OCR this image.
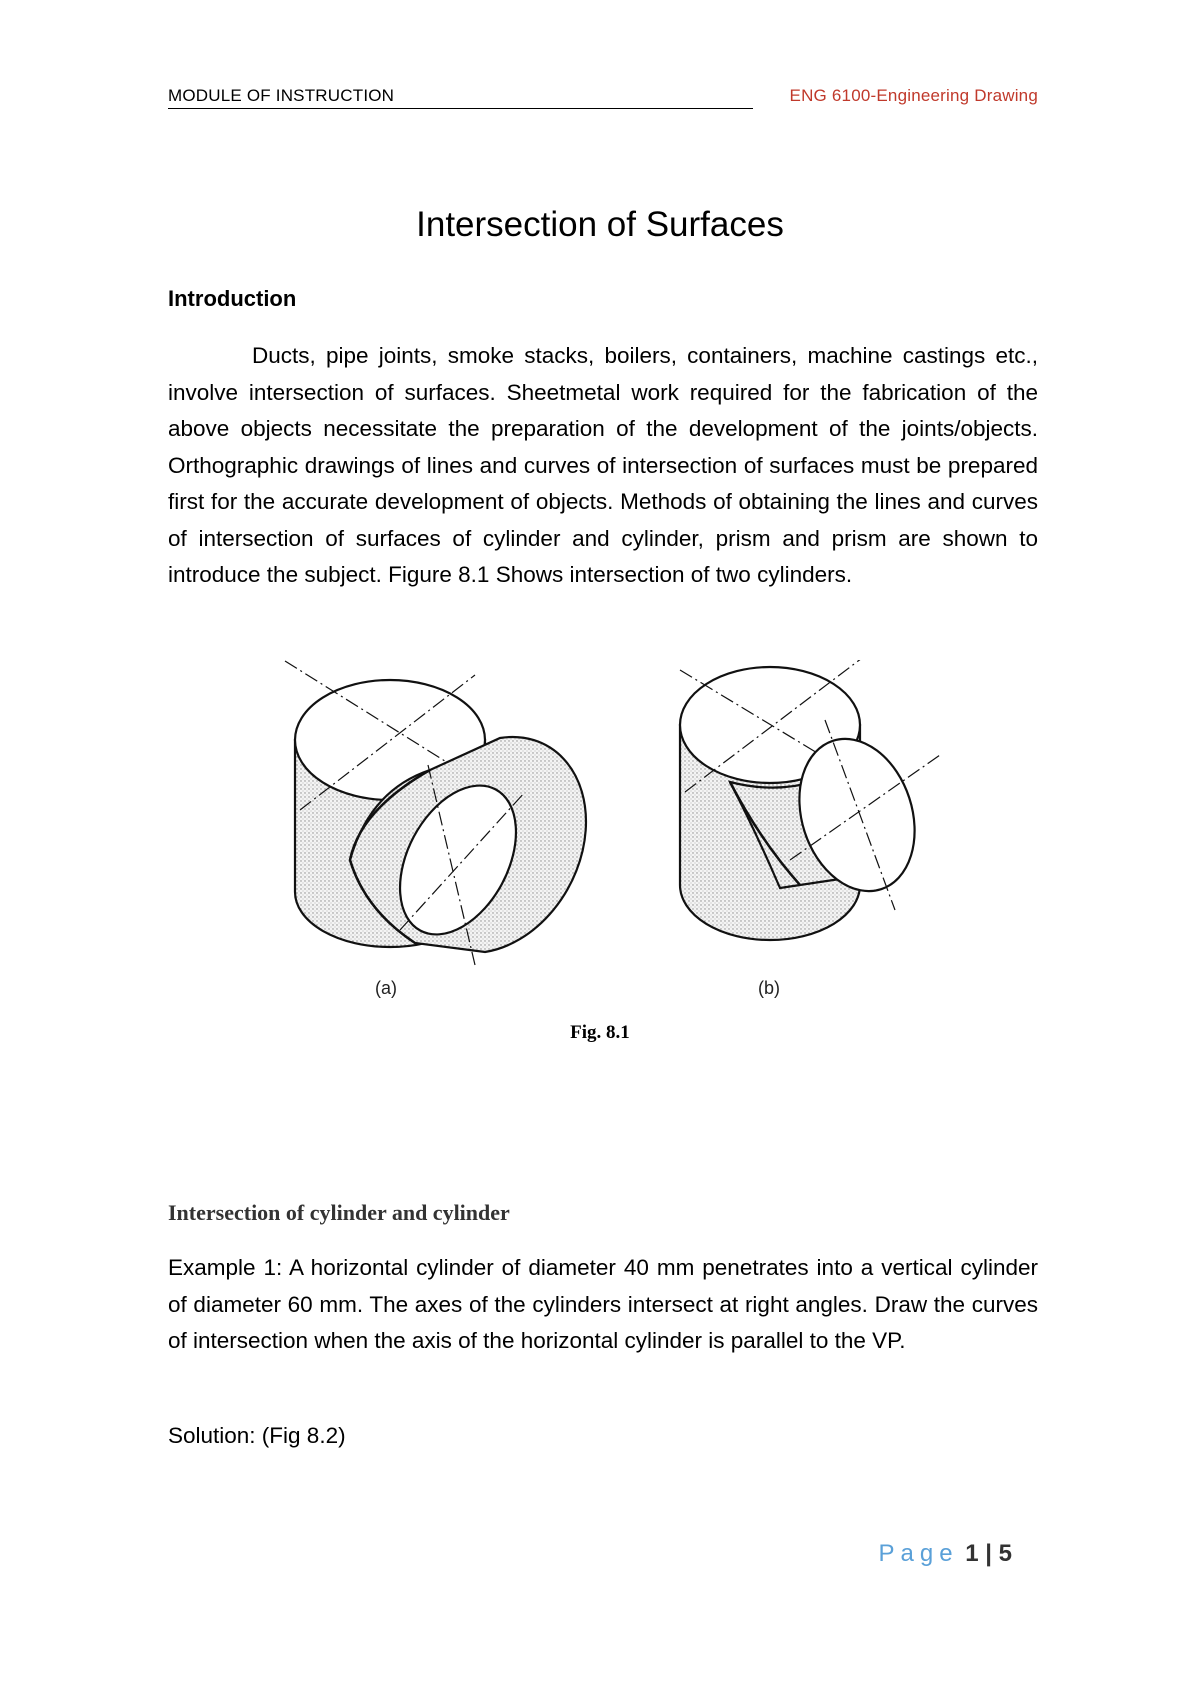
MODULE OF INSTRUCTION	ENG 6100-Engineering Drawing
Intersection of Surfaces
Introduction

Ducts, pipe joints, smoke stacks, boilers, containers, machine castings etc., involve intersection of surfaces. Sheetmetal work required for the fabrication of the above objects necessitate the preparation of the development of the joints/objects. Orthographic drawings of lines and curves of intersection of surfaces must be prepared first for the accurate development of objects. Methods of obtaining the lines and curves of intersection of surfaces of cylinder and cylinder, prism and prism are shown to introduce the subject. Figure 8.1 Shows intersection of two cylinders.

(a)	(b)
Fig. 8.1
Intersection of cylinder and cylinder

Example 1: A horizontal cylinder of diameter 40 mm penetrates into a vertical cylinder of diameter 60 mm. The axes of the cylinders intersect at right angles. Draw the curves of intersection when the axis of the horizontal cylinder is parallel to the VP.

Solution: (Fig 8.2)

Page 1 | 5
